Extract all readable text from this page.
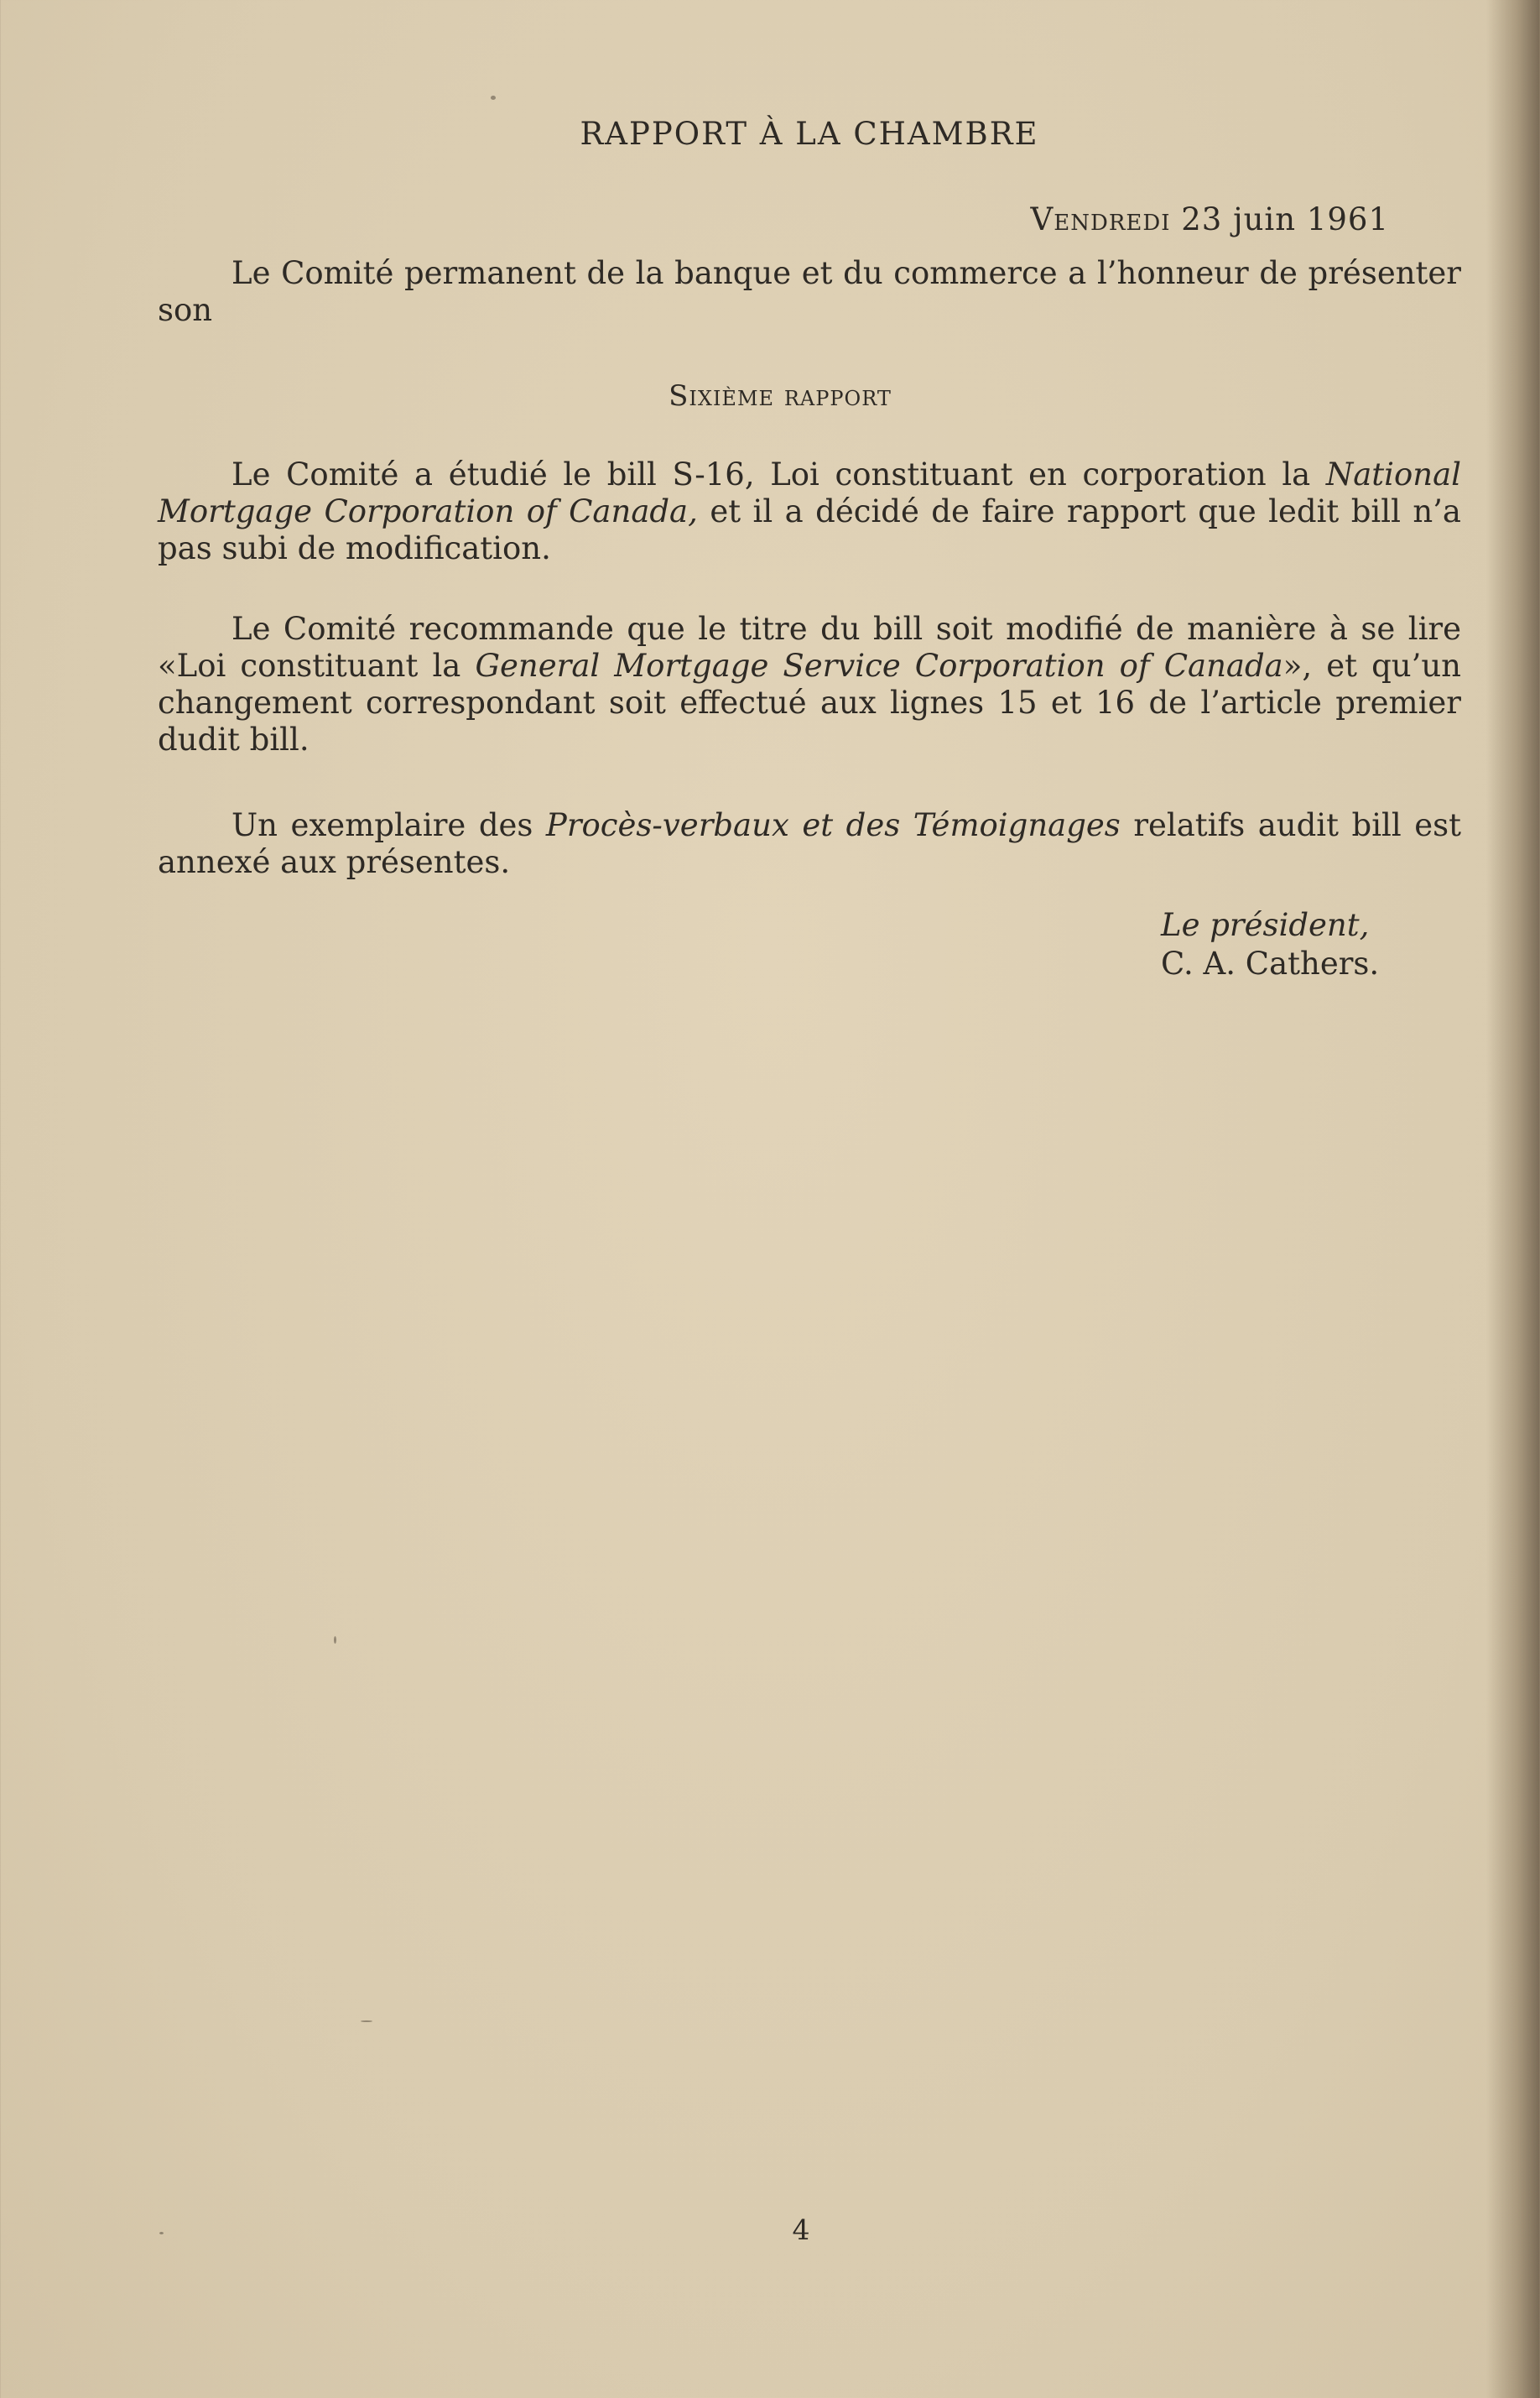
RAPPORT À LA CHAMBRE
Vendredi 23 juin 1961
Le Comité permanent de la banque et du commerce a l’honneur de présenter son
Sixième rapport
Le Comité a étudié le bill S-16, Loi constituant en corporation la National Mortgage Corporation of Canada, et il a décidé de faire rapport que ledit bill n’a pas subi de modification.
Le Comité recommande que le titre du bill soit modifié de manière à se lire «Loi constituant la General Mortgage Service Corporation of Canada», et qu’un changement correspondant soit effectué aux lignes 15 et 16 de l’article premier dudit bill.
Un exemplaire des Procès-verbaux et des Témoignages relatifs audit bill est annexé aux présentes.
Le président,
C. A. Cathers.
4
